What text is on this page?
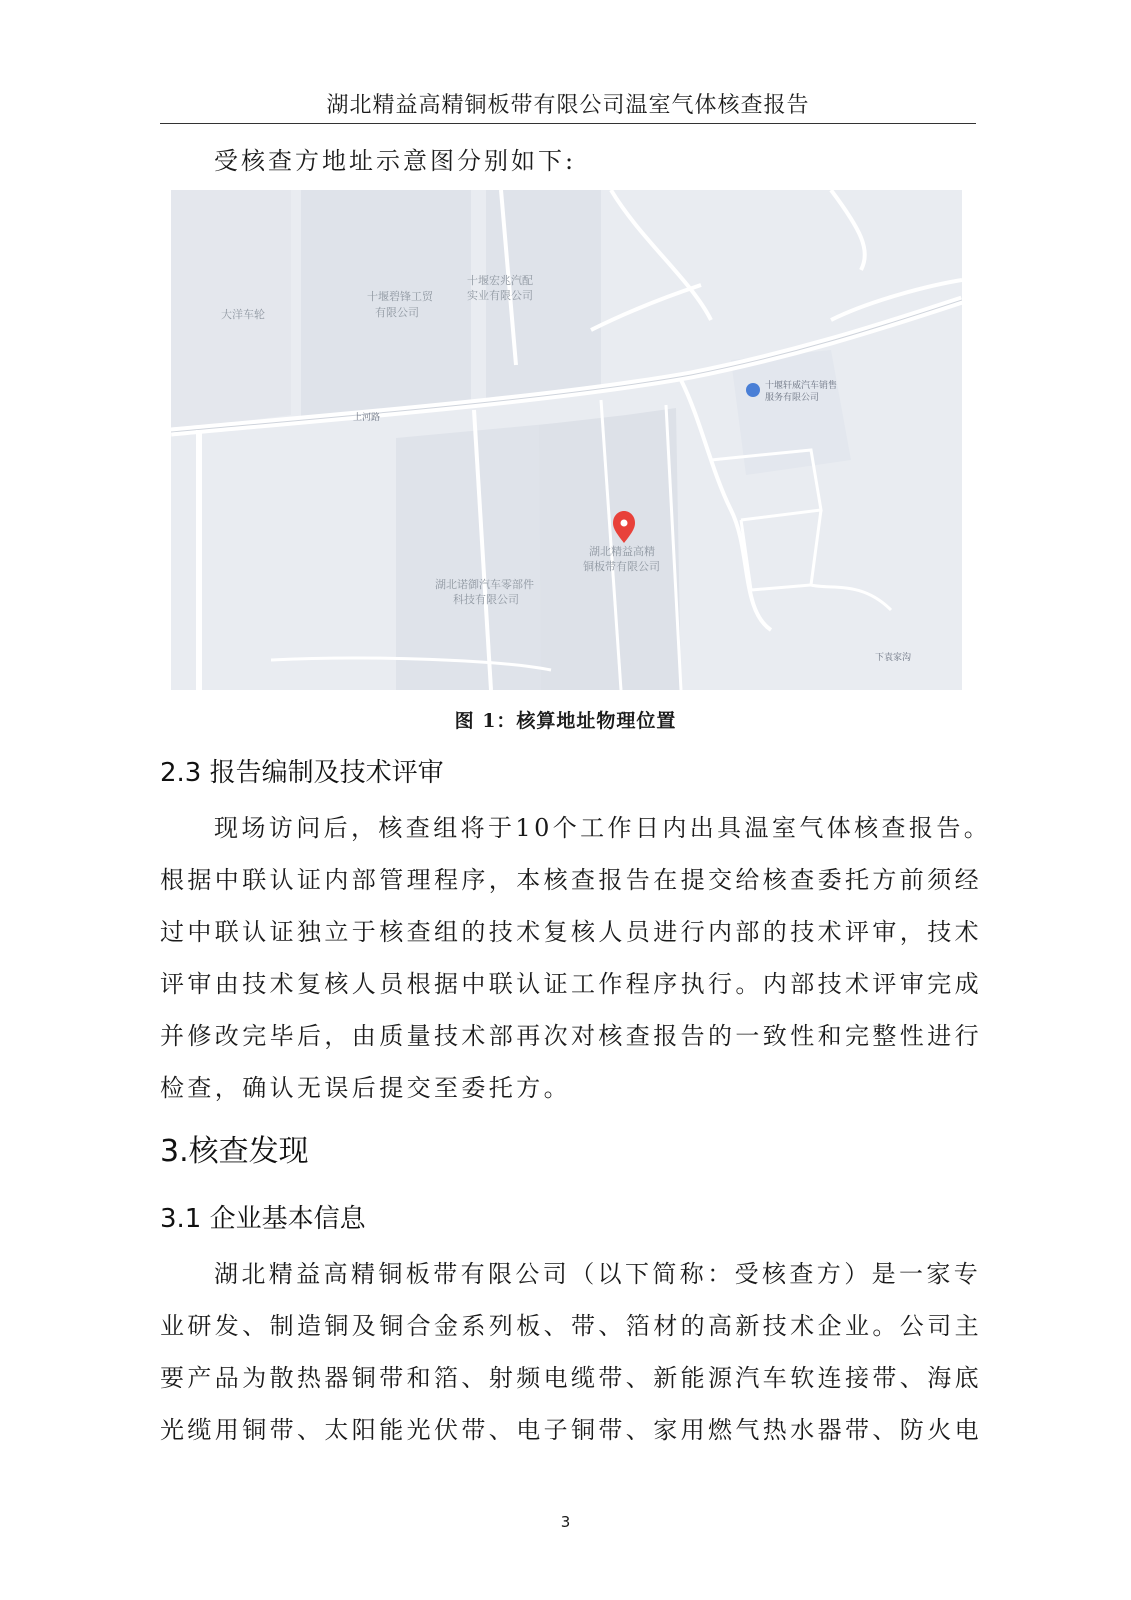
湖北精益高精铜板带有限公司温室气体核查报告
受核查方地址示意图分别如下:
大洋车轮
十堰碧锋工贸
有限公司
十堰宏兆汽配
实业有限公司
十堰轩威汽车销售
服务有限公司
上河路
湖北精益高精
铜板带有限公司
湖北诺御汽车零部件
科技有限公司
下袁家沟
图 1：核算地址物理位置
2.3 报告编制及技术评审
现场访问后，核查组将于10个工作日内出具温室气体核查报告。
根据中联认证内部管理程序，本核查报告在提交给核查委托方前须经
过中联认证独立于核查组的技术复核人员进行内部的技术评审，技术
评审由技术复核人员根据中联认证工作程序执行。内部技术评审完成
并修改完毕后，由质量技术部再次对核查报告的一致性和完整性进行
检查，确认无误后提交至委托方。
3.核查发现
3.1 企业基本信息
湖北精益高精铜板带有限公司（以下简称：受核查方）是一家专
业研发、制造铜及铜合金系列板、带、箔材的高新技术企业。公司主
要产品为散热器铜带和箔、射频电缆带、新能源汽车软连接带、海底
光缆用铜带、太阳能光伏带、电子铜带、家用燃气热水器带、防火电
3
